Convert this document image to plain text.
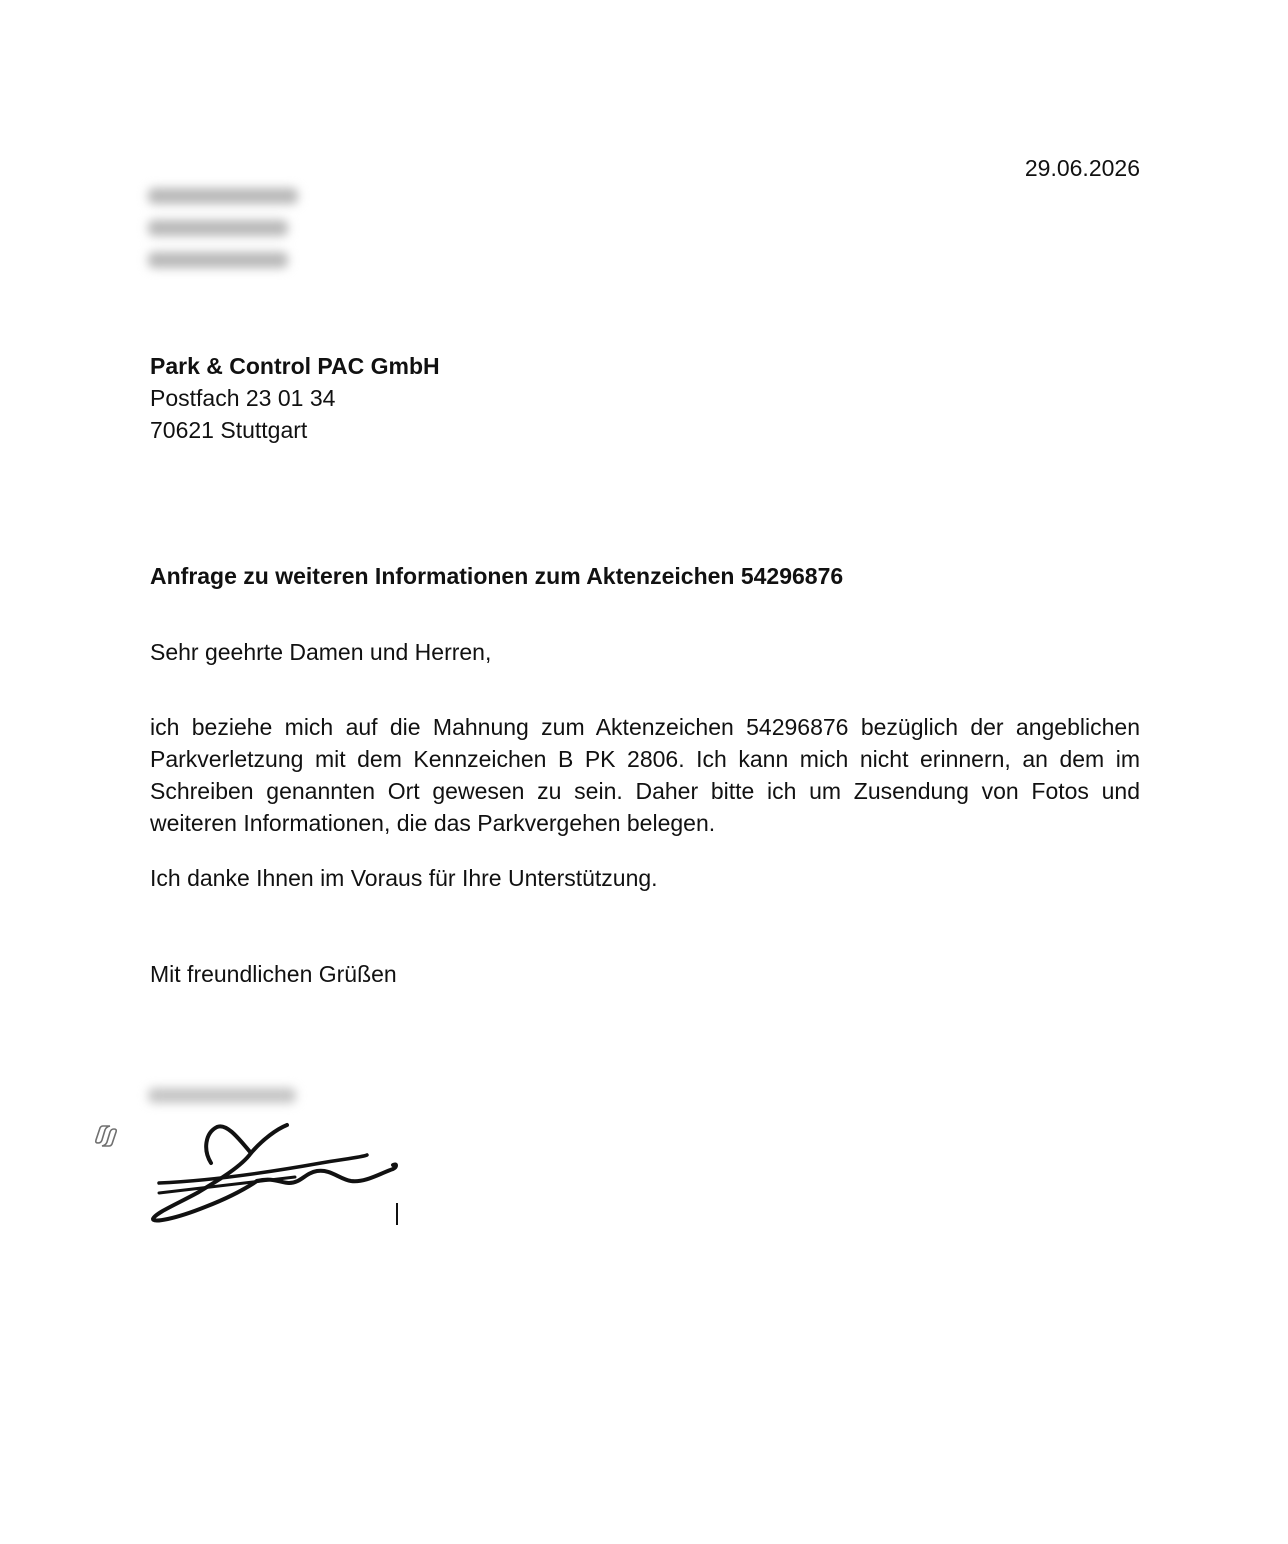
29.06.2026
Park & Control PAC GmbH
Postfach 23 01 34
70621 Stuttgart
Anfrage zu weiteren Informationen zum Aktenzeichen 54296876
Sehr geehrte Damen und Herren,
ich beziehe mich auf die Mahnung zum Aktenzeichen 54296876 bezüglich der angeblichen Parkverletzung mit dem Kennzeichen B PK 2806. Ich kann mich nicht erinnern, an dem im Schreiben genannten Ort gewesen zu sein. Daher bitte ich um Zusendung von Fotos und weiteren Informationen, die das Parkvergehen belegen.
Ich danke Ihnen im Voraus für Ihre Unterstützung.
Mit freundlichen Grüßen
